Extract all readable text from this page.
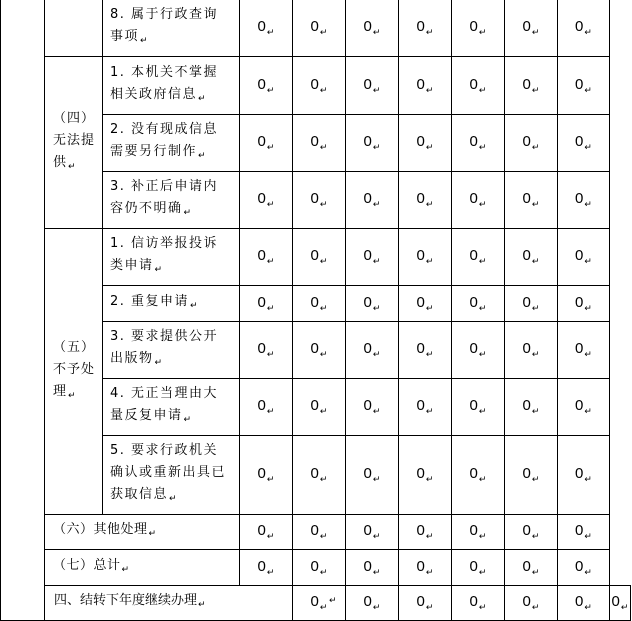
		8. 属于行政查询事项$_↵$	$0_↵$	$0_↵$	$0_↵$	$0_↵$	$0_↵$	$0_↵$	$0_↵$
	（四）无法提供$_↵$	1. 本机关不掌握相关政府信息$_↵$	$0_↵$	$0_↵$	$0_↵$	$0_↵$	$0_↵$	$0_↵$	$0_↵$
		2. 没有现成信息需要另行制作$_↵$	$0_↵$	$0_↵$	$0_↵$	$0_↵$	$0_↵$	$0_↵$	$0_↵$
		3. 补正后申请内容仍不明确$_↵$	$0_↵$	$0_↵$	$0_↵$	$0_↵$	$0_↵$	$0_↵$	$0_↵$
	（五）不予处理$_↵$	1. 信访举报投诉类申请$_↵$	$0_↵$	$0_↵$	$0_↵$	$0_↵$	$0_↵$	$0_↵$	$0_↵$
		2. 重复申请$_↵$	$0_↵$	$0_↵$	$0_↵$	$0_↵$	$0_↵$	$0_↵$	$0_↵$
		3. 要求提供公开出版物$_↵$	$0_↵$	$0_↵$	$0_↵$	$0_↵$	$0_↵$	$0_↵$	$0_↵$
		4. 无正当理由大量反复申请$_↵$	$0_↵$	$0_↵$	$0_↵$	$0_↵$	$0_↵$	$0_↵$	$0_↵$
		5. 要求行政机关确认或重新出具已获取信息$_↵$	$0_↵$	$0_↵$	$0_↵$	$0_↵$	$0_↵$	$0_↵$	$0_↵$
	（六）其他处理$_↵$		$0_↵$	$0_↵$	$0_↵$	$0_↵$	$0_↵$	$0_↵$	$0_↵$
	（七）总计$_↵$		$0_↵$	$0_↵$	$0_↵$	$0_↵$	$0_↵$	$0_↵$	$0_↵$
	四、结转下年度继续办理$_↵$			$0_↵$	$0_↵$	$0_↵$	$0_↵$	$0_↵$	$0_↵$	$0_↵$
↵
